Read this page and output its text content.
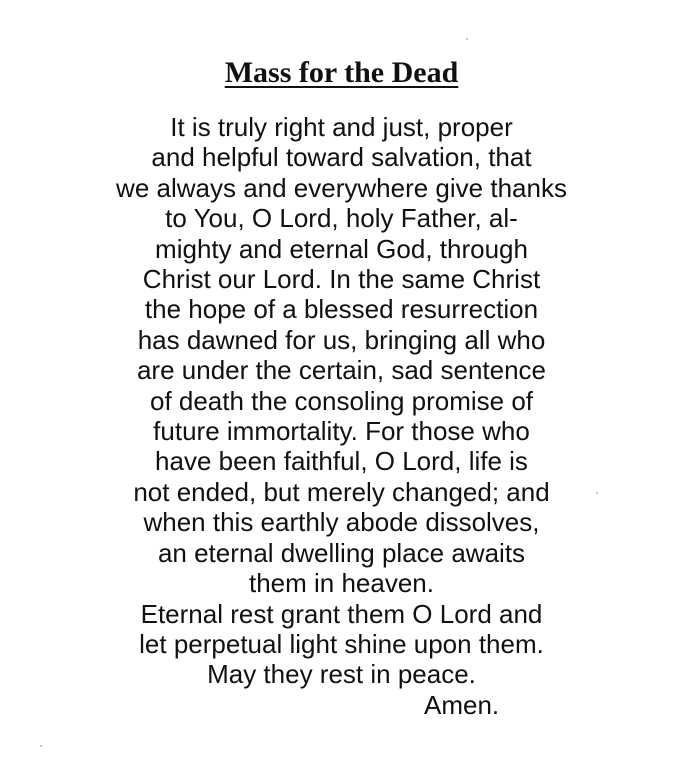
Mass for the Dead
It is truly right and just, proper
and helpful toward salvation, that
we always and everywhere give thanks
to You, O Lord, holy Father, al-
mighty and eternal God, through
Christ our Lord. In the same Christ
the hope of a blessed resurrection
has dawned for us, bringing all who
are under the certain, sad sentence
of death the consoling promise of
future immortality. For those who
have been faithful, O Lord, life is
not ended, but merely changed; and
when this earthly abode dissolves,
an eternal dwelling place awaits
them in heaven.
Eternal rest grant them O Lord and
let perpetual light shine upon them.
May they rest in peace.
Amen.
